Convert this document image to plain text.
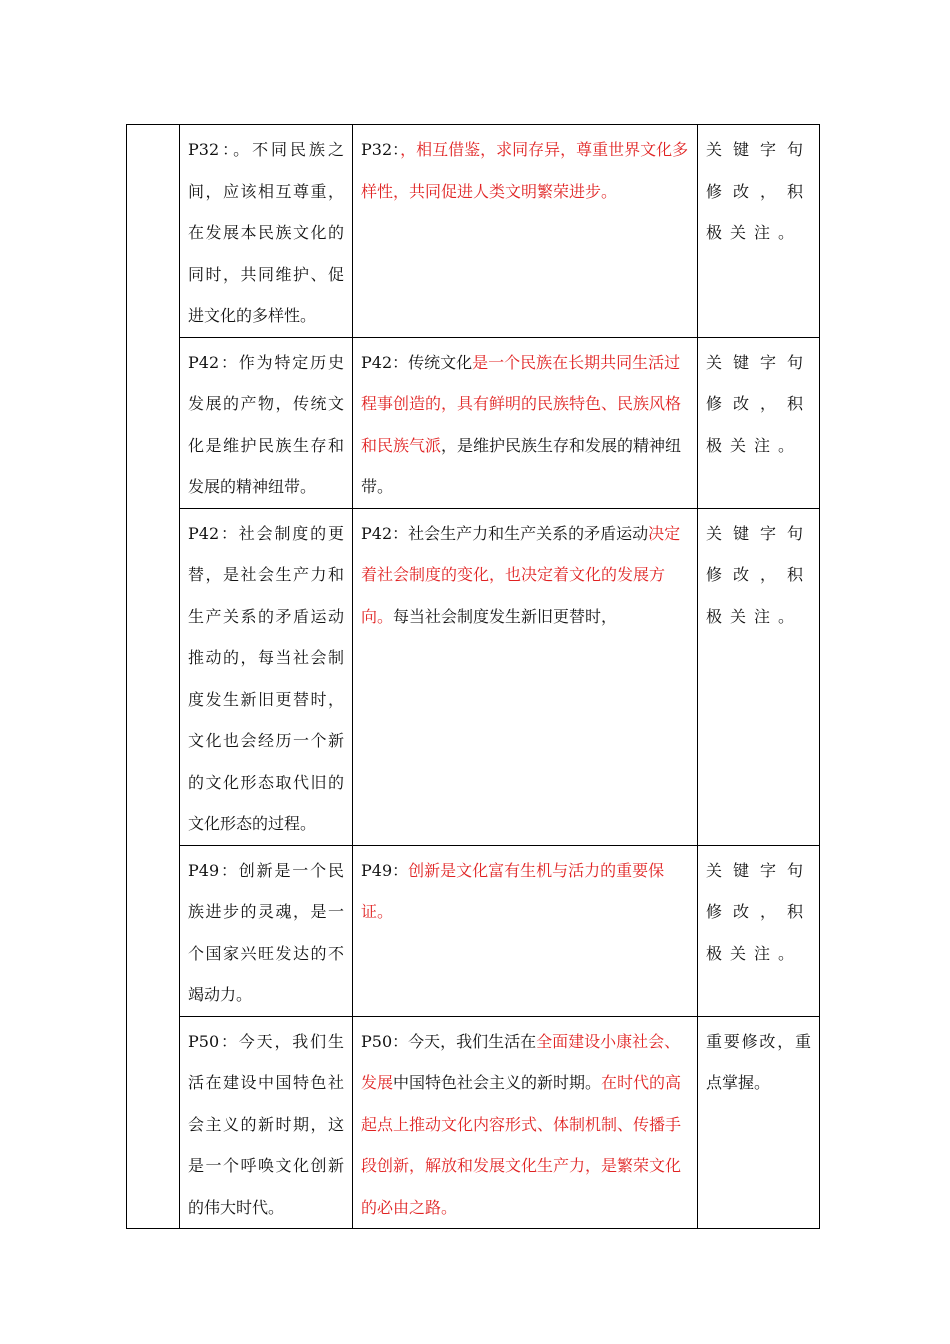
	P32：。不同民族之间，应该相互尊重，在发展本民族文化的同时，共同维护、促进文化的多样性。	P32：，相互借鉴，求同存异，尊重世界文化多样性，共同促进人类文明繁荣进步。	关键字句修改，积极关注。
	P42：作为特定历史发展的产物，传统文化是维护民族生存和发展的精神纽带。	P42：传统文化是一个民族在长期共同生活过程事创造的，具有鲜明的民族特色、民族风格和民族气派，是维护民族生存和发展的精神纽带。	关键字句修改，积极关注。
	P42：社会制度的更替，是社会生产力和生产关系的矛盾运动推动的，每当社会制度发生新旧更替时，文化也会经历一个新的文化形态取代旧的文化形态的过程。	P42：社会生产力和生产关系的矛盾运动决定着社会制度的变化，也决定着文化的发展方向。每当社会制度发生新旧更替时，	关键字句修改，积极关注。
	P49：创新是一个民族进步的灵魂，是一个国家兴旺发达的不竭动力。	P49：创新是文化富有生机与活力的重要保证。	关键字句修改，积极关注。
	P50：今天，我们生活在建设中国特色社会主义的新时期，这是一个呼唤文化创新的伟大时代。	P50：今天，我们生活在全面建设小康社会、发展中国特色社会主义的新时期。在时代的高起点上推动文化内容形式、体制机制、传播手段创新，解放和发展文化生产力，是繁荣文化的必由之路。	重要修改，重点掌握。
